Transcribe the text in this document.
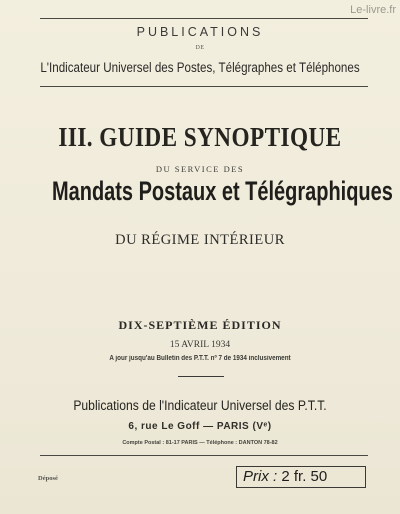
Le-livre.fr
PUBLICATIONS
DE
L'Indicateur Universel des Postes, Télégraphes et Téléphones
III. GUIDE SYNOPTIQUE
DU SERVICE DES
Mandats Postaux et Télégraphiques
DU RÉGIME INTÉRIEUR
DIX-SEPTIÈME ÉDITION
15 AVRIL 1934
A jour jusqu'au Bulletin des P.T.T. nº 7 de 1934 inclusivement
Publications de l'Indicateur Universel des P.T.T.
6, rue Le Goff — PARIS (Vᵉ)
Compte Postal : 81-17 PARIS — Téléphone : DANTON 78-82
Déposé	Prix : 2 fr. 50
